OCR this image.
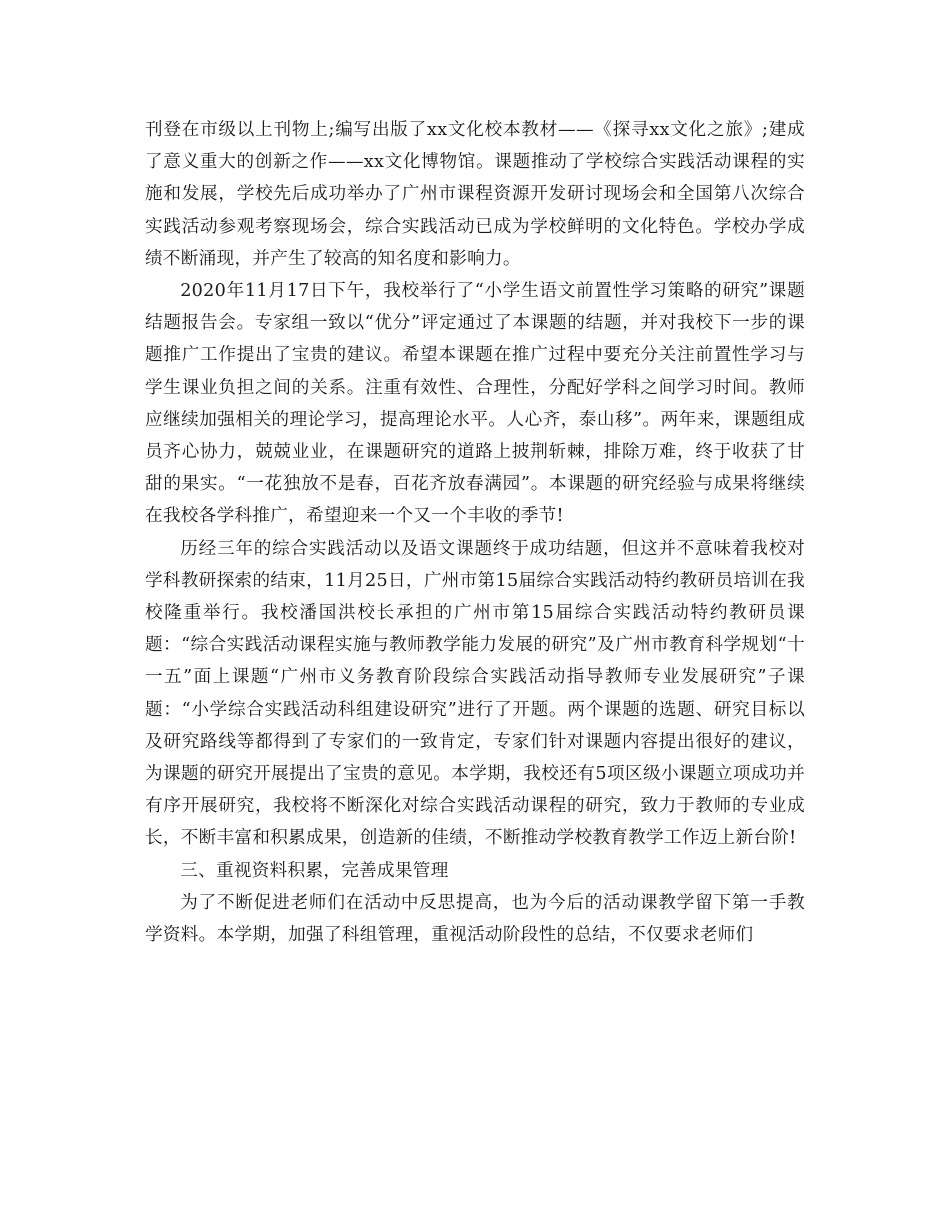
刊登在市级以上刊物上;编写出版了xx文化校本教材——《探寻xx文化之旅》;建成了意义重大的创新之作——xx文化博物馆。课题推动了学校综合实践活动课程的实施和发展，学校先后成功举办了广州市课程资源开发研讨现场会和全国第八次综合实践活动参观考察现场会，综合实践活动已成为学校鲜明的文化特色。学校办学成绩不断涌现，并产生了较高的知名度和影响力。

2020年11月17日下午，我校举行了“小学生语文前置性学习策略的研究”课题结题报告会。专家组一致以“优分”评定通过了本课题的结题，并对我校下一步的课题推广工作提出了宝贵的建议。希望本课题在推广过程中要充分关注前置性学习与学生课业负担之间的关系。注重有效性、合理性，分配好学科之间学习时间。教师应继续加强相关的理论学习，提高理论水平。人心齐，泰山移”。两年来，课题组成员齐心协力，兢兢业业，在课题研究的道路上披荆斩棘，排除万难，终于收获了甘甜的果实。“一花独放不是春，百花齐放春满园”。本课题的研究经验与成果将继续在我校各学科推广，希望迎来一个又一个丰收的季节!

历经三年的综合实践活动以及语文课题终于成功结题，但这并不意味着我校对学科教研探索的结束，11月25日，广州市第15届综合实践活动特约教研员培训在我校隆重举行。我校潘国洪校长承担的广州市第15届综合实践活动特约教研员课题：“综合实践活动课程实施与教师教学能力发展的研究”及广州市教育科学规划“十一五”面上课题“广州市义务教育阶段综合实践活动指导教师专业发展研究”子课题：“小学综合实践活动科组建设研究”进行了开题。两个课题的选题、研究目标以及研究路线等都得到了专家们的一致肯定，专家们针对课题内容提出很好的建议，为课题的研究开展提出了宝贵的意见。本学期，我校还有5项区级小课题立项成功并有序开展研究，我校将不断深化对综合实践活动课程的研究，致力于教师的专业成长，不断丰富和积累成果，创造新的佳绩，不断推动学校教育教学工作迈上新台阶!

三、重视资料积累，完善成果管理

为了不断促进老师们在活动中反思提高，也为今后的活动课教学留下第一手教学资料。本学期，加强了科组管理，重视活动阶段性的总结，不仅要求老师们
